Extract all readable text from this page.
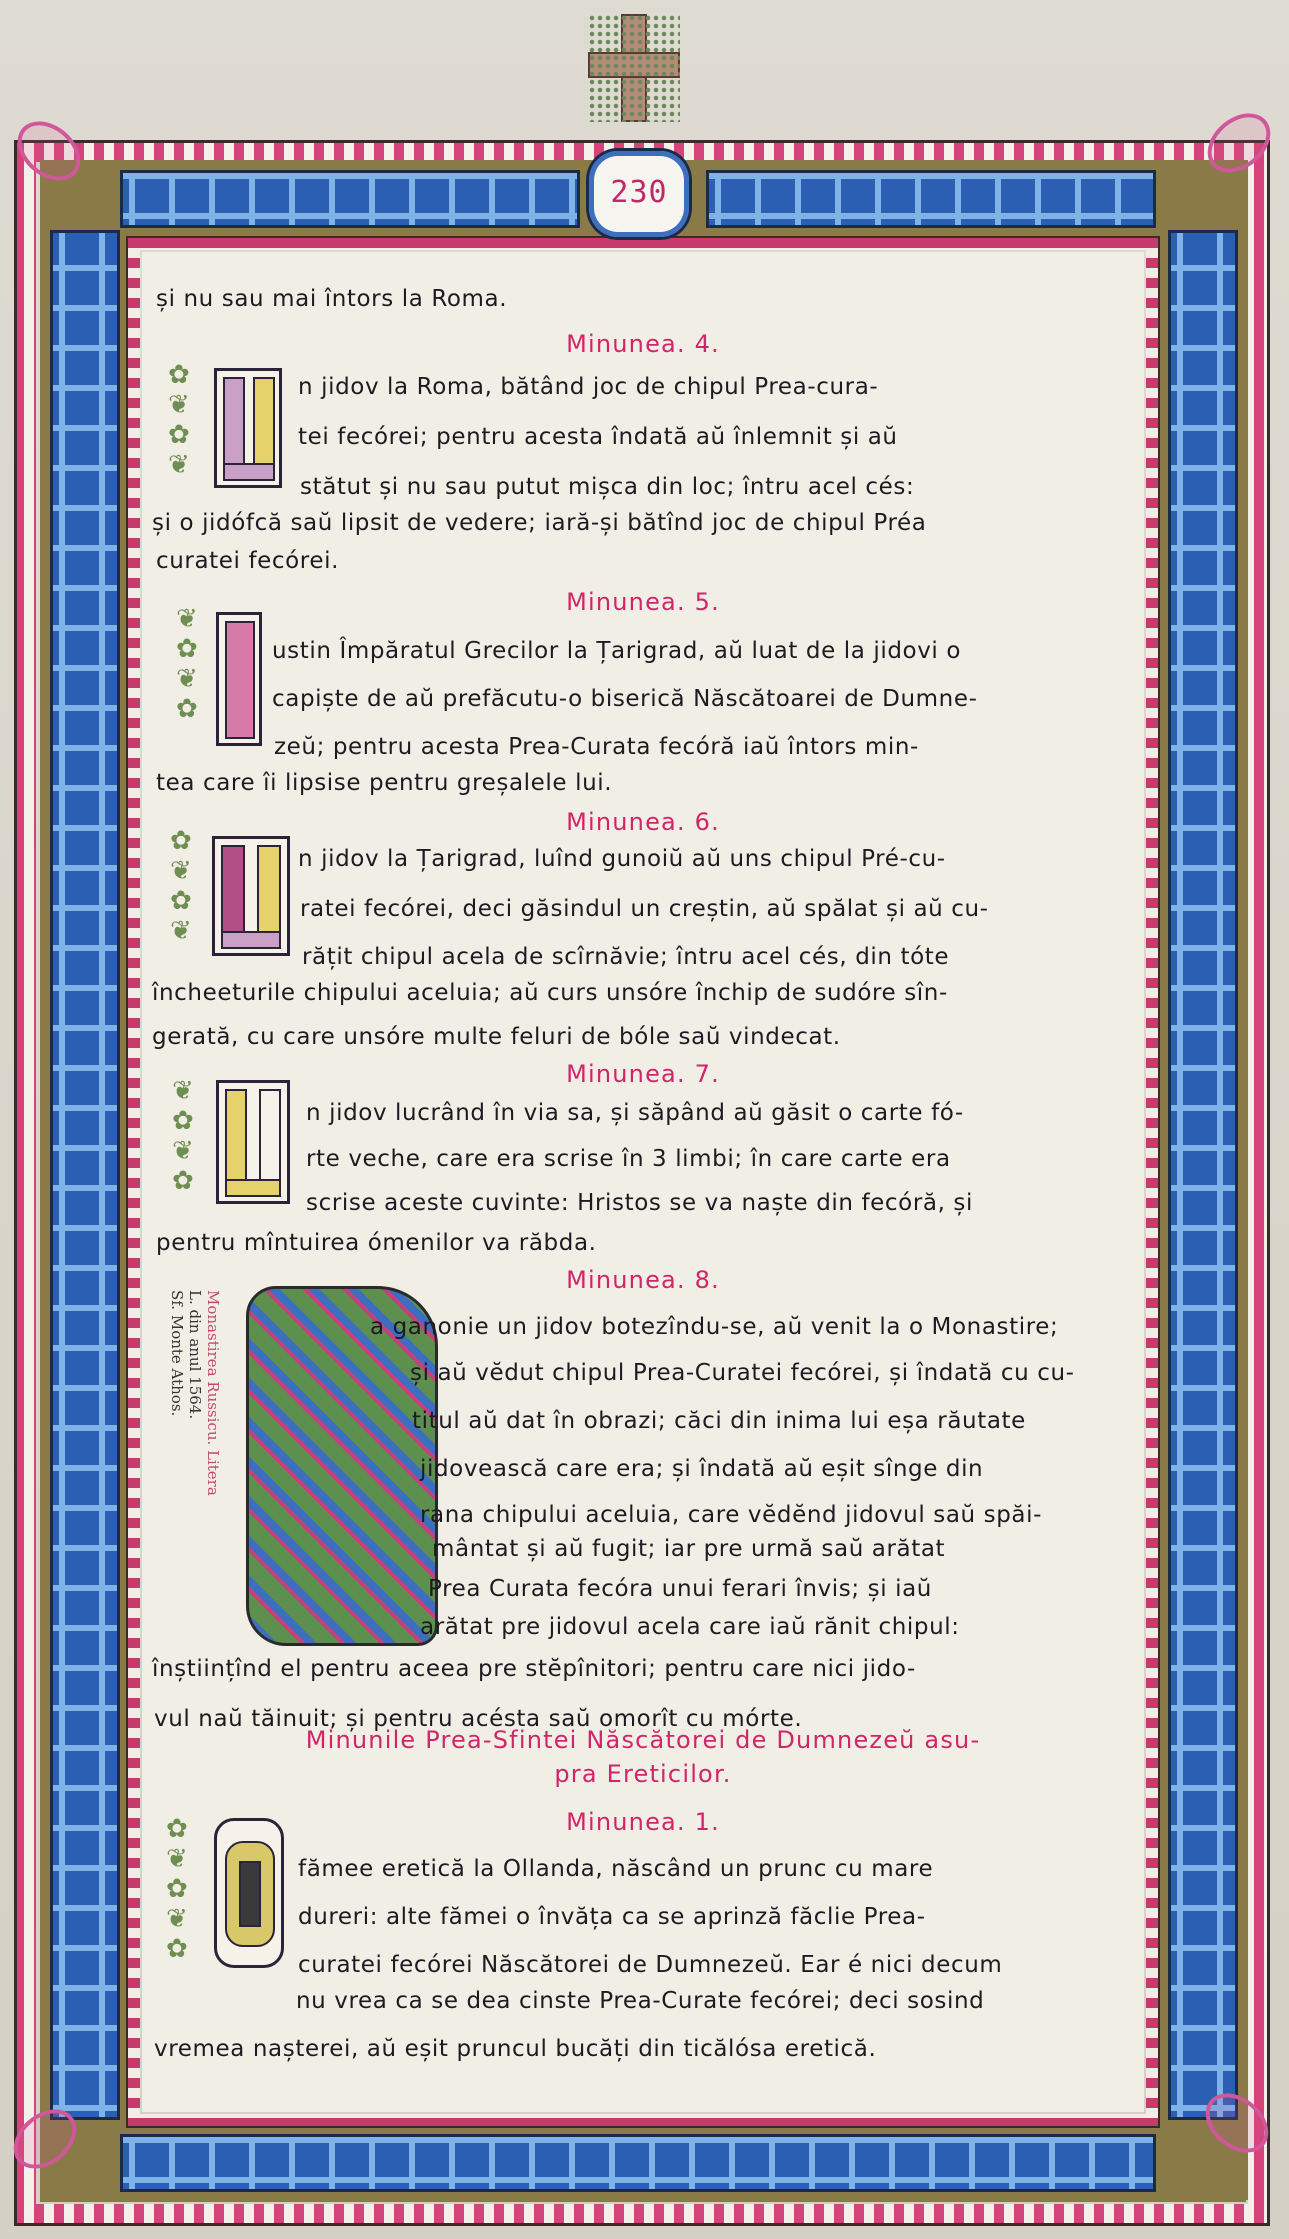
230
✿
❦
✿
❦
❦
✿
❦
✿
✿
❦
✿
❦
❦
✿
❦
✿
Monastirea Russicu. Litera
L. din anul 1564.
Sf. Monte Athos.
✿
❦
✿
❦
✿
și nu sau mai întors la Roma.
Minunea. 4.
n jidov la Roma, bătând joc de chipul Prea-cura-
tei fecórei; pentru acesta îndată aŭ înlemnit și aŭ
stătut și nu sau putut mișca din loc; întru acel cés:
și o jidófcă saŭ lipsit de vedere; iară-și bătînd joc de chipul Préa
curatei fecórei.
Minunea. 5.
ustin Împăratul Grecilor la Țarigrad, aŭ luat de la jidovi o
capiște de aŭ prefăcutu-o biserică Născătoarei de Dumne-
zeŭ; pentru acesta Prea-Curata fecóră iaŭ întors min-
tea care îi lipsise pentru greșalele lui.
Minunea. 6.
n jidov la Țarigrad, luînd gunoiŭ aŭ uns chipul Pré-cu-
ratei fecórei, deci găsindul un creștin, aŭ spălat și aŭ cu-
rățit chipul acela de scîrnăvie; întru acel cés, din tóte
încheeturile chipului aceluia; aŭ curs unsóre închip de sudóre sîn-
gerată, cu care unsóre multe feluri de bóle saŭ vindecat.
Minunea. 7.
n jidov lucrând în via sa, și săpând aŭ găsit o carte fó-
rte veche, care era scrise în 3 limbi; în care carte era
scrise aceste cuvinte: Hristos se va naște din fecóră, și
pentru mîntuirea ómenilor va răbda.
Minunea. 8.
a ganonie un jidov botezîndu-se, aŭ venit la o Monastire;
și aŭ vĕdut chipul Prea-Curatei fecórei, și îndată cu cu-
titul aŭ dat în obrazi; căci din inima lui eșa răutate
jidovească care era; și îndată aŭ eșit sînge din
rana chipului aceluia, care vĕdĕnd jidovul saŭ spăi-
mântat și aŭ fugit; iar pre urmă saŭ arătat
Prea Curata fecóra unui ferari învis; și iaŭ
arătat pre jidovul acela care iaŭ rănit chipul:
înștiințînd el pentru aceea pre stĕpînitori; pentru care nici jido-
vul naŭ tăinuit; și pentru acésta saŭ omorît cu mórte.
Minunile Prea-Sfintei Născătorei de Dumnezeŭ asu-
pra Ereticilor.
Minunea. 1.
fămee eretică la Ollanda, născând un prunc cu mare
dureri: alte fămei o învăța ca se aprinză făclie Prea-
curatei fecórei Născătorei de Dumnezeŭ. Ear é nici decum
nu vrea ca se dea cinste Prea-Curate fecórei; deci sosind
vremea nașterei, aŭ eșit pruncul bucăți din ticălósa eretică.
